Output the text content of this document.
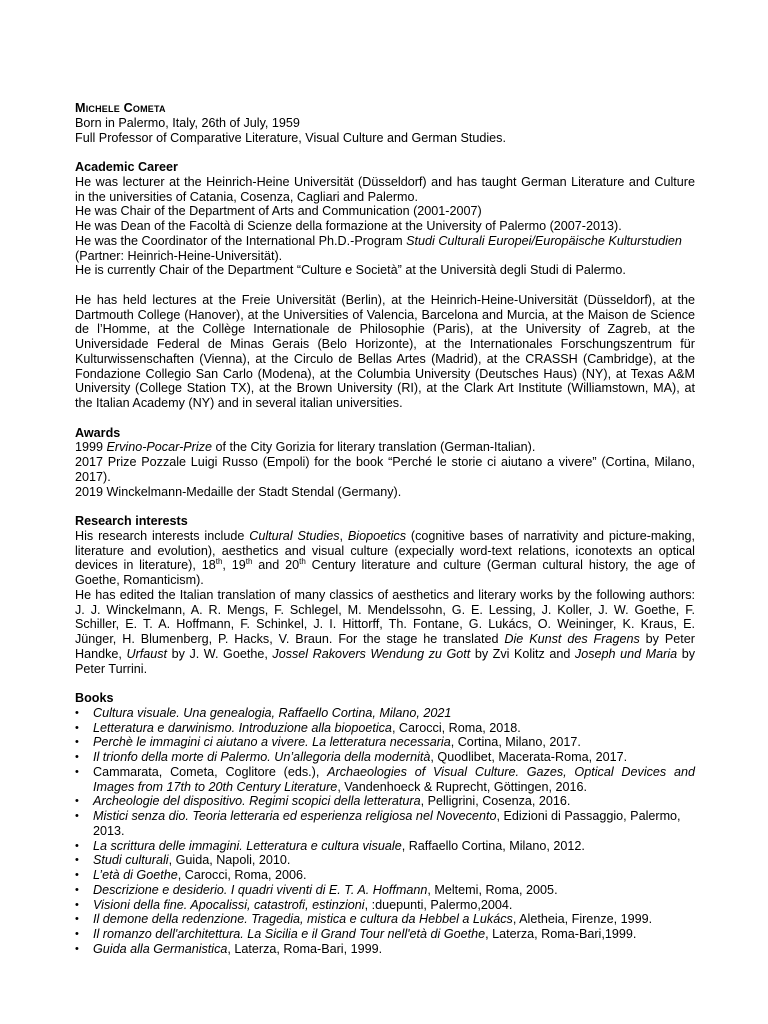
Michele Cometa
Born in Palermo, Italy, 26th of July, 1959
Full Professor of Comparative Literature, Visual Culture and German Studies.
Academic Career
He was lecturer at the Heinrich-Heine Universität (Düsseldorf) and has taught German Literature and Culture
in the universities of Catania, Cosenza, Cagliari and Palermo.
He was Chair of the Department of Arts and Communication (2001-2007)
He was Dean of the Facoltà di Scienze della formazione at the University of Palermo (2007-2013).
He was the Coordinator of the International Ph.D.-Program Studi Culturali Europei/Europäische Kulturstudien
(Partner: Heinrich-Heine-Universität).
He is currently Chair of the Department “Culture e Società” at the Università degli Studi di Palermo.
He has held lectures at the Freie Universität (Berlin), at the Heinrich-Heine-Universität (Düsseldorf), at the
Dartmouth College (Hanover), at the Universities of Valencia, Barcelona and Murcia, at the Maison de Science
de l’Homme, at the Collège Internationale de Philosophie (Paris), at the University of Zagreb, at the
Universidade Federal de Minas Gerais (Belo Horizonte), at the Internationales Forschungszentrum für
Kulturwissenschaften (Vienna), at the Circulo de Bellas Artes (Madrid), at the CRASSH (Cambridge), at the
Fondazione Collegio San Carlo (Modena), at the Columbia University (Deutsches Haus) (NY), at Texas A&M
University (College Station TX), at the Brown University (RI), at the Clark Art Institute (Williamstown, MA), at
the Italian Academy (NY) and in several italian universities.
Awards
1999 Ervino-Pocar-Prize of the City Gorizia for literary translation (German-Italian).
2017 Prize Pozzale Luigi Russo (Empoli) for the book “Perché le storie ci aiutano a vivere” (Cortina, Milano,
2017).
2019 Winckelmann-Medaille der Stadt Stendal (Germany).
Research interests
His research interests include Cultural Studies, Biopoetics (cognitive bases of narrativity and picture-making,
literature and evolution), aesthetics and visual culture (expecially word-text relations, iconotexts an optical
devices in literature), 18th, 19th and 20th Century literature and culture (German cultural history, the age of
Goethe, Romanticism).
He has edited the Italian translation of many classics of aesthetics and literary works by the following authors:
J. J. Winckelmann, A. R. Mengs, F. Schlegel, M. Mendelssohn, G. E. Lessing, J. Koller, J. W. Goethe, F.
Schiller, E. T. A. Hoffmann, F. Schinkel, J. I. Hittorff, Th. Fontane, G. Lukács, O. Weininger, K. Kraus, E.
Jünger, H. Blumenberg, P. Hacks, V. Braun. For the stage he translated Die Kunst des Fragens by Peter
Handke, Urfaust by J. W. Goethe, Jossel Rakovers Wendung zu Gott by Zvi Kolitz and Joseph und Maria by
Peter Turrini.
Books
• Cultura visuale. Una genealogia, Raffaello Cortina, Milano, 2021
• Letteratura e darwinismo. Introduzione alla biopoetica, Carocci, Roma, 2018.
• Perchè le immagini ci aiutano a vivere. La letteratura necessaria, Cortina, Milano, 2017.
• Il trionfo della morte di Palermo. Un’allegoria della modernità, Quodlibet, Macerata-Roma, 2017.
• Cammarata, Cometa, Coglitore (eds.), Archaeologies of Visual Culture. Gazes, Optical Devices and
Images from 17th to 20th Century Literature, Vandenhoeck & Ruprecht, Göttingen, 2016.
• Archeologie del dispositivo. Regimi scopici della letteratura, Pelligrini, Cosenza, 2016.
• Mistici senza dio. Teoria letteraria ed esperienza religiosa nel Novecento, Edizioni di Passaggio, Palermo,
2013.
• La scrittura delle immagini. Letteratura e cultura visuale, Raffaello Cortina, Milano, 2012.
• Studi culturali, Guida, Napoli, 2010.
• L’età di Goethe, Carocci, Roma, 2006.
• Descrizione e desiderio. I quadri viventi di E. T. A. Hoffmann, Meltemi, Roma, 2005.
• Visioni della fine. Apocalissi, catastrofi, estinzioni, :duepunti, Palermo,2004.
• Il demone della redenzione. Tragedia, mistica e cultura da Hebbel a Lukács, Aletheia, Firenze, 1999.
• Il romanzo dell'architettura. La Sicilia e il Grand Tour nell'età di Goethe, Laterza, Roma-Bari,1999.
• Guida alla Germanistica, Laterza, Roma-Bari, 1999.
